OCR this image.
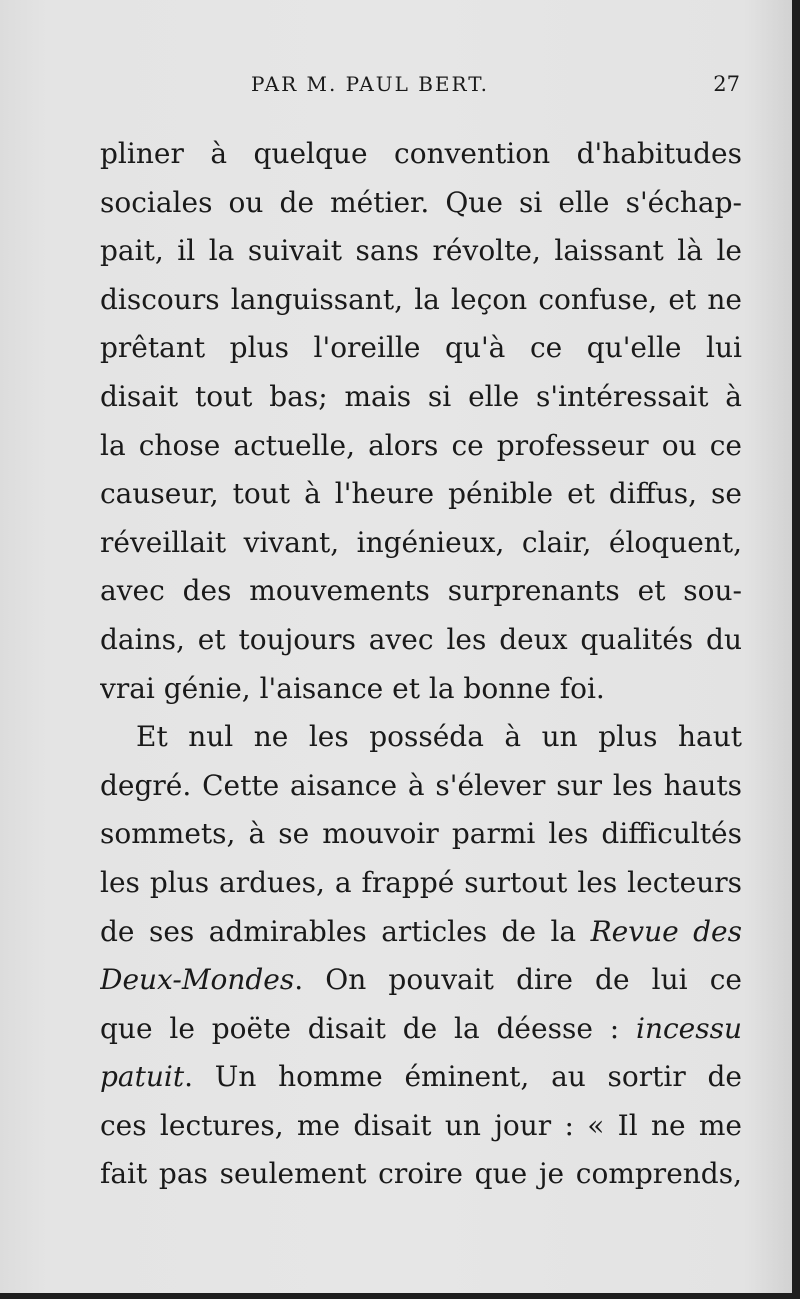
PAR M. PAUL BERT.	27
pliner à quelque convention d'habitudes
sociales ou de métier. Que si elle s'échap-
pait, il la suivait sans révolte, laissant là le
discours languissant, la leçon confuse, et ne
prêtant plus l'oreille qu'à ce qu'elle lui
disait tout bas; mais si elle s'intéressait à
la chose actuelle, alors ce professeur ou ce
causeur, tout à l'heure pénible et diffus, se
réveillait vivant, ingénieux, clair, éloquent,
avec des mouvements surprenants et sou-
dains, et toujours avec les deux qualités du
vrai génie, l'aisance et la bonne foi.
Et nul ne les posséda à un plus haut
degré. Cette aisance à s'élever sur les hauts
sommets, à se mouvoir parmi les difficultés
les plus ardues, a frappé surtout les lecteurs
de ses admirables articles de la Revue des
Deux-Mondes. On pouvait dire de lui ce
que le poëte disait de la déesse : incessu
patuit. Un homme éminent, au sortir de
ces lectures, me disait un jour : « Il ne me
fait pas seulement croire que je comprends,
